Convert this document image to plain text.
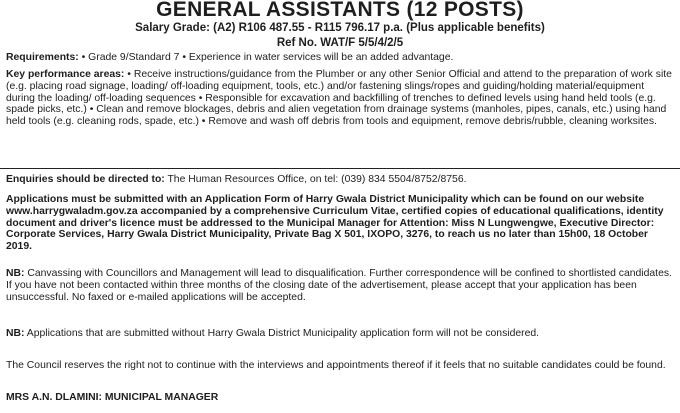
GENERAL ASSISTANTS (12 POSTS)
Salary Grade: (A2) R106 487.55 - R115 796.17 p.a. (Plus applicable benefits)
Ref No. WAT/F 5/5/4/2/5

Requirements: • Grade 9/Standard 7 • Experience in water services will be an added advantage.

Key performance areas: • Receive instructions/guidance from the Plumber or any other Senior Official and attend to the preparation of work site (e.g. placing road signage, loading/ off-loading equipment, tools, etc.) and/or fastening slings/ropes and guiding/holding material/equipment during the loading/ off-loading sequences • Responsible for excavation and backfilling of trenches to defined levels using hand held tools (e.g. spade picks, etc.) • Clean and remove blockages, debris and alien vegetation from drainage systems (manholes, pipes, canals, etc.) using hand held tools (e.g. cleaning rods, spade, etc.) • Remove and wash off debris from tools and equipment, remove debris/rubble, cleaning worksites.

Enquiries should be directed to: The Human Resources Office, on tel: (039) 834 5504/8752/8756.

Applications must be submitted with an Application Form of Harry Gwala District Municipality which can be found on our website www.harrygwaladm.gov.za accompanied by a comprehensive Curriculum Vitae, certified copies of educational qualifications, identity document and driver's licence must be addressed to the Municipal Manager for Attention: Miss N Lungwengwe, Executive Director: Corporate Services, Harry Gwala District Municipality, Private Bag X 501, IXOPO, 3276, to reach us no later than 15h00, 18 October 2019.

NB: Canvassing with Councillors and Management will lead to disqualification. Further correspondence will be confined to shortlisted candidates. If you have not been contacted within three months of the closing date of the advertisement, please accept that your application has been unsuccessful. No faxed or e-mailed applications will be accepted.

NB: Applications that are submitted without Harry Gwala District Municipality application form will not be considered.

The Council reserves the right not to continue with the interviews and appointments thereof if it feels that no suitable candidates could be found.

MRS A.N. DLAMINI: MUNICIPAL MANAGER
